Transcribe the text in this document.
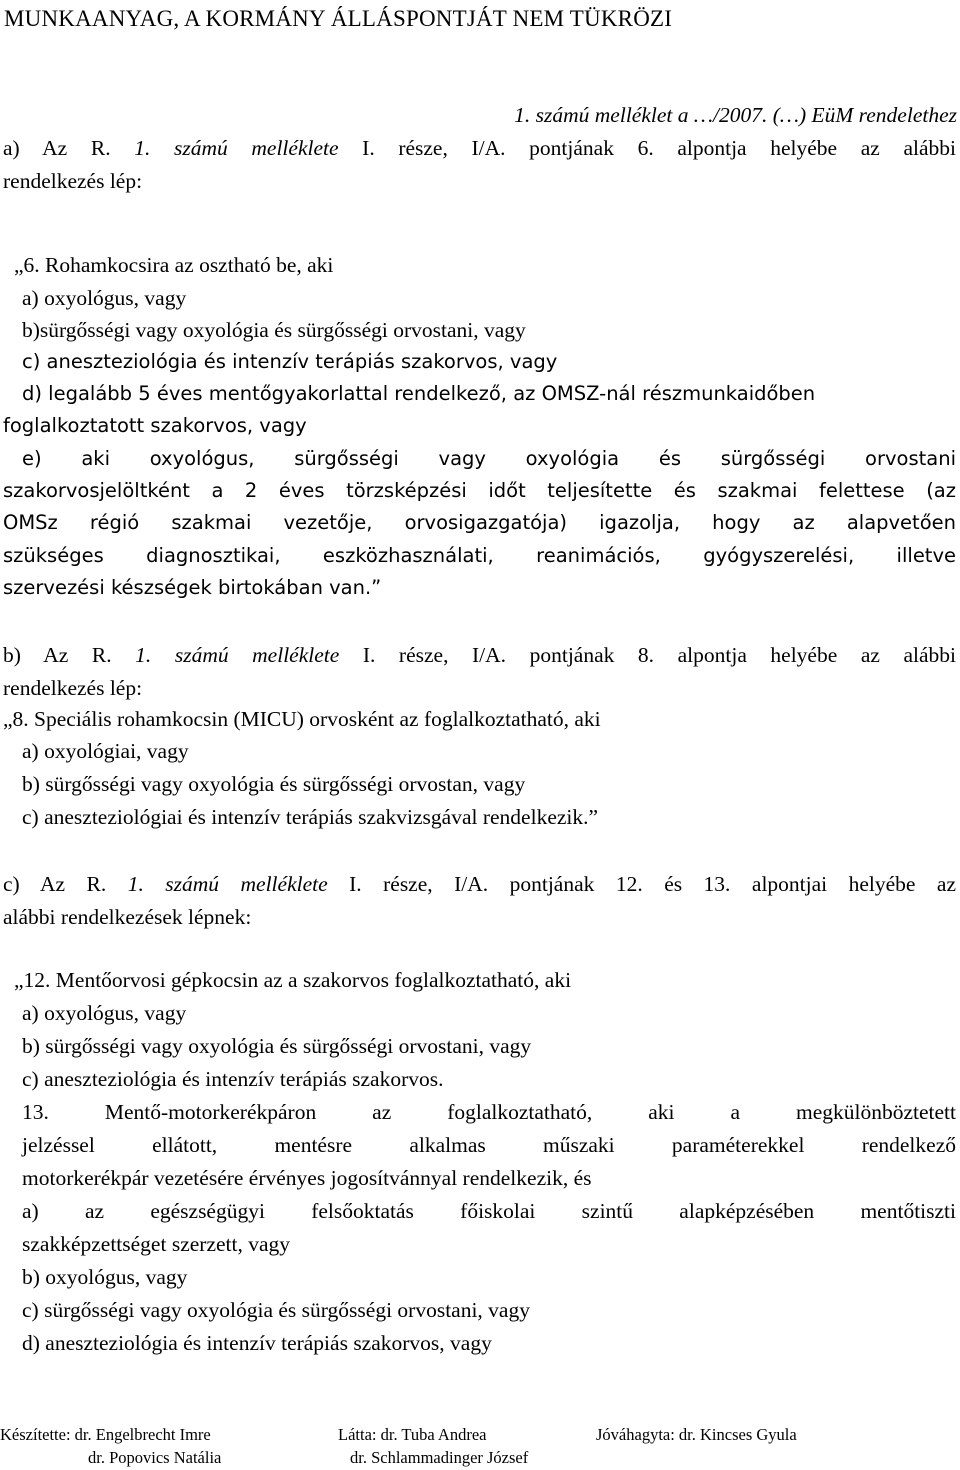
MUNKAANYAG, A KORMÁNY ÁLLÁSPONTJÁT NEM TÜKRÖZI
1. számú melléklet a …/2007. (…) EüM rendelethez
a) Az R. 1. számú melléklete I. része, I/A. pontjának 6. alpontja helyébe az alábbi
rendelkezés lép:
„6. Rohamkocsira az osztható be, aki
a) oxyológus, vagy
b)sürgősségi vagy oxyológia és sürgősségi orvostani, vagy
c) aneszteziológia és intenzív terápiás szakorvos, vagy
d) legalább 5 éves mentőgyakorlattal rendelkező, az OMSZ-nál részmunkaidőben
foglalkoztatott szakorvos, vagy
e) aki oxyológus, sürgősségi vagy oxyológia és sürgősségi orvostani
szakorvosjelöltként a 2 éves törzsképzési időt teljesítette és szakmai felettese (az
OMSz régió szakmai vezetője, orvosigazgatója) igazolja, hogy az alapvetően
szükséges diagnosztikai, eszközhasználati, reanimációs, gyógyszerelési, illetve
szervezési készségek birtokában van.”
b) Az R. 1. számú melléklete I. része, I/A. pontjának 8. alpontja helyébe az alábbi
rendelkezés lép:
„8. Speciális rohamkocsin (MICU) orvosként az foglalkoztatható, aki
a) oxyológiai, vagy
b) sürgősségi vagy oxyológia és sürgősségi orvostan, vagy
c) aneszteziológiai és intenzív terápiás szakvizsgával rendelkezik.”
c) Az R. 1. számú melléklete I. része, I/A. pontjának 12. és 13. alpontjai helyébe az
alábbi rendelkezések lépnek:
„12. Mentőorvosi gépkocsin az a szakorvos foglalkoztatható, aki
a) oxyológus, vagy
b) sürgősségi vagy oxyológia és sürgősségi orvostani, vagy
c) aneszteziológia és intenzív terápiás szakorvos.
13. Mentő-motorkerékpáron az foglalkoztatható, aki a megkülönböztetett
jelzéssel ellátott, mentésre alkalmas műszaki paraméterekkel rendelkező
motorkerékpár vezetésére érvényes jogosítvánnyal rendelkezik, és
a) az egészségügyi felsőoktatás főiskolai szintű alapképzésében mentőtiszti
szakképzettséget szerzett, vagy
b) oxyológus, vagy
c) sürgősségi vagy oxyológia és sürgősségi orvostani, vagy
d) aneszteziológia és intenzív terápiás szakorvos, vagy
Készítette: dr. Engelbrecht Imre
dr. Popovics Natália
Látta: dr. Tuba Andrea
dr. Schlammadinger József
Jóváhagyta: dr. Kincses Gyula
